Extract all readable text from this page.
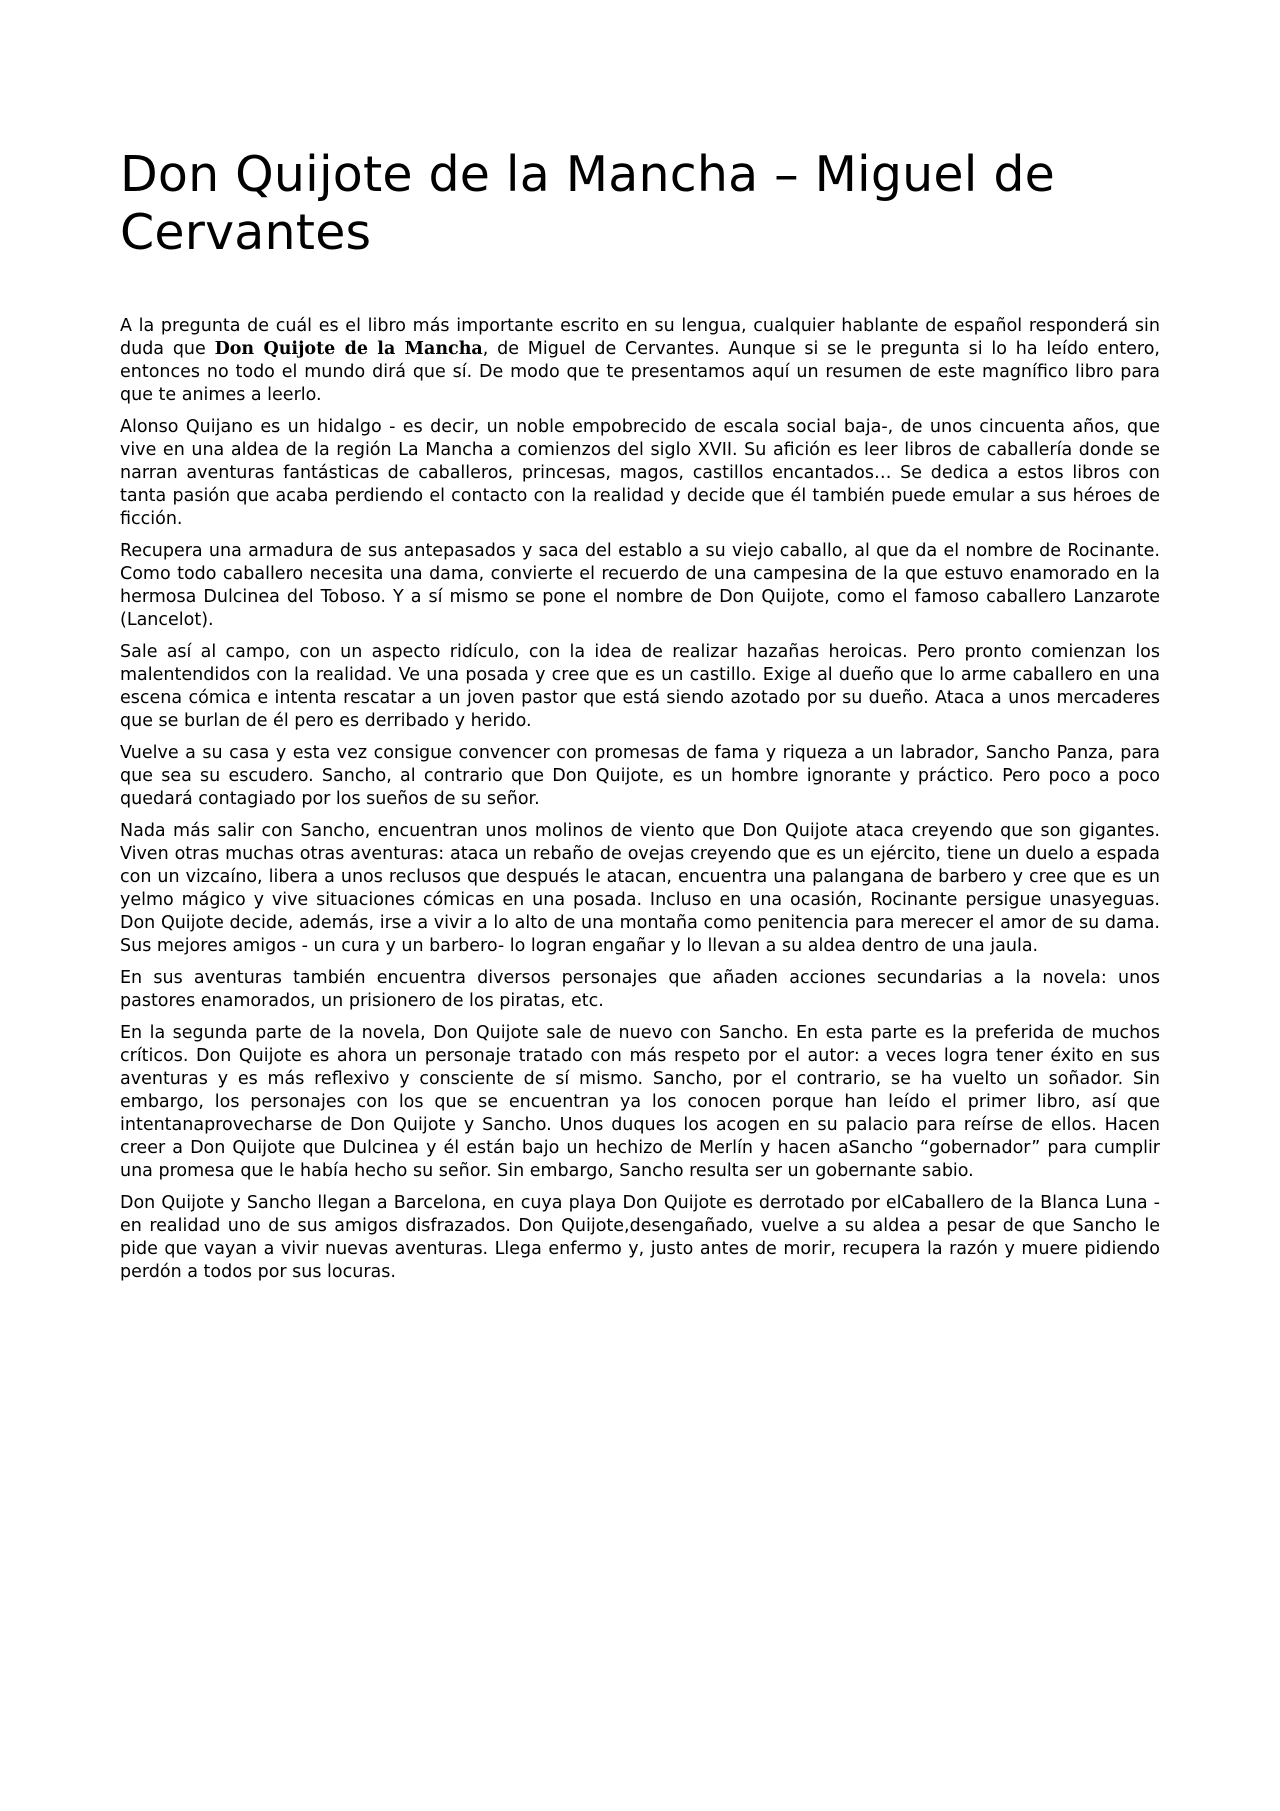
Don Quijote de la Mancha – Miguel de Cervantes

A la pregunta de cuál es el libro más importante escrito en su lengua, cualquier hablante de español responderá sin duda que Don Quijote de la Mancha, de Miguel de Cervantes. Aunque si se le pregunta si lo ha leído entero, entonces no todo el mundo dirá que sí. De modo que te presentamos aquí un resumen de este magnífico libro para que te animes a leerlo.

Alonso Quijano es un hidalgo - es decir, un noble empobrecido de escala social baja-, de unos cincuenta años, que vive en una aldea de la región La Mancha a comienzos del siglo XVII. Su afición es leer libros de caballería donde se narran aventuras fantásticas de caballeros, princesas, magos, castillos encantados… Se dedica a estos libros con tanta pasión que acaba perdiendo el contacto con la realidad y decide que él también puede emular a sus héroes de ficción.

Recupera una armadura de sus antepasados y saca del establo a su viejo caballo, al que da el nombre de Rocinante. Como todo caballero necesita una dama, convierte el recuerdo de una campesina de la que estuvo enamorado en la hermosa Dulcinea del Toboso. Y a sí mismo se pone el nombre de Don Quijote, como el famoso caballero Lanzarote (Lancelot).

Sale así al campo, con un aspecto ridículo, con la idea de realizar hazañas heroicas. Pero pronto comienzan los malentendidos con la realidad. Ve una posada y cree que es un castillo. Exige al dueño que lo arme caballero en una escena cómica e intenta rescatar a un joven pastor que está siendo azotado por su dueño. Ataca a unos mercaderes que se burlan de él pero es derribado y herido.

Vuelve a su casa y esta vez consigue convencer con promesas de fama y riqueza a un labrador, Sancho Panza, para que sea su escudero. Sancho, al contrario que Don Quijote, es un hombre ignorante y práctico. Pero poco a poco quedará contagiado por los sueños de su señor.

Nada más salir con Sancho, encuentran unos molinos de viento que Don Quijote ataca creyendo que son gigantes. Viven otras muchas otras aventuras: ataca un rebaño de ovejas creyendo que es un ejército, tiene un duelo a espada con un vizcaíno, libera a unos reclusos que después le atacan, encuentra una palangana de barbero y cree que es un yelmo mágico y vive situaciones cómicas en una posada. Incluso en una ocasión, Rocinante persigue unasyeguas. Don Quijote decide, además, irse a vivir a lo alto de una montaña como penitencia para merecer el amor de su dama. Sus mejores amigos - un cura y un barbero- lo logran engañar y lo llevan a su aldea dentro de una jaula.

En sus aventuras también encuentra diversos personajes que añaden acciones secundarias a la novela: unos pastores enamorados, un prisionero de los piratas, etc.

En la segunda parte de la novela, Don Quijote sale de nuevo con Sancho. En esta parte es la preferida de muchos críticos. Don Quijote es ahora un personaje tratado con más respeto por el autor: a veces logra tener éxito en sus aventuras y es más reflexivo y consciente de sí mismo. Sancho, por el contrario, se ha vuelto un soñador. Sin embargo, los personajes con los que se encuentran ya los conocen porque han leído el primer libro, así que intentanaprovecharse de Don Quijote y Sancho. Unos duques los acogen en su palacio para reírse de ellos. Hacen creer a Don Quijote que Dulcinea y él están bajo un hechizo de Merlín y hacen aSancho “gobernador” para cumplir una promesa que le había hecho su señor. Sin embargo, Sancho resulta ser un gobernante sabio.

Don Quijote y Sancho llegan a Barcelona, en cuya playa Don Quijote es derrotado por elCaballero de la Blanca Luna -en realidad uno de sus amigos disfrazados. Don Quijote,desengañado, vuelve a su aldea a pesar de que Sancho le pide que vayan a vivir nuevas aventuras. Llega enfermo y, justo antes de morir, recupera la razón y muere pidiendo perdón a todos por sus locuras.
